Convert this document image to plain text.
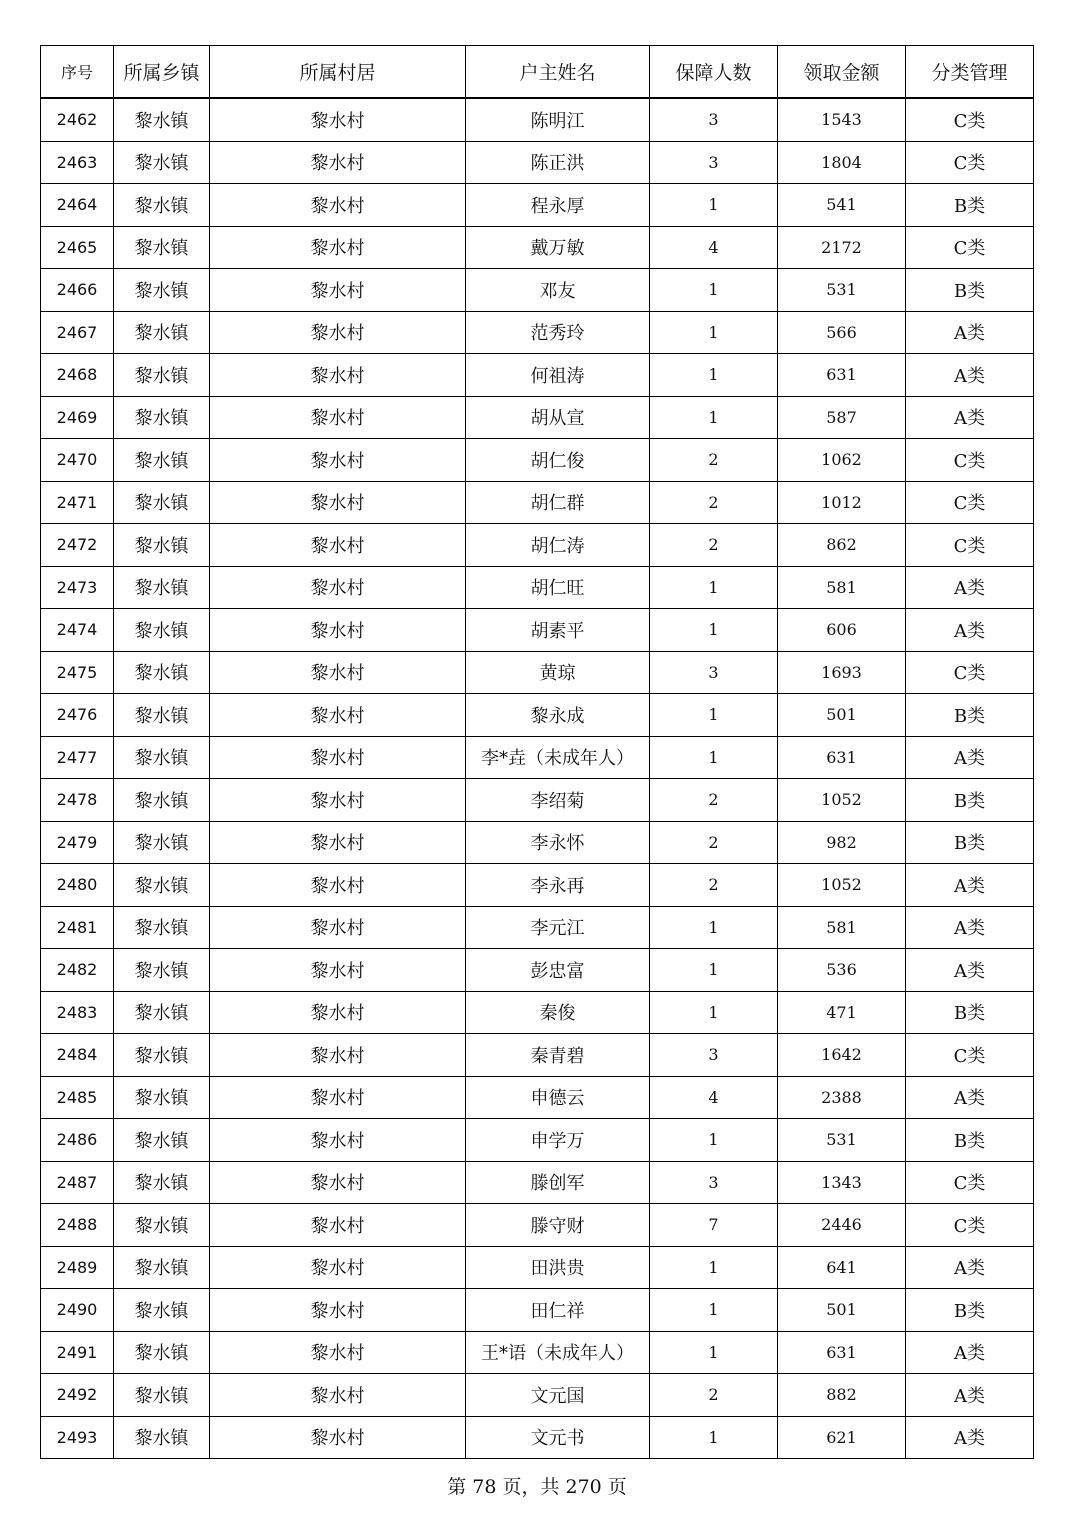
序号	所属乡镇	所属村居	户主姓名	保障人数	领取金额	分类管理
2462	黎水镇	黎水村	陈明江	3	1543	C类
2463	黎水镇	黎水村	陈正洪	3	1804	C类
2464	黎水镇	黎水村	程永厚	1	541	B类
2465	黎水镇	黎水村	戴万敏	4	2172	C类
2466	黎水镇	黎水村	邓友	1	531	B类
2467	黎水镇	黎水村	范秀玲	1	566	A类
2468	黎水镇	黎水村	何祖涛	1	631	A类
2469	黎水镇	黎水村	胡从宣	1	587	A类
2470	黎水镇	黎水村	胡仁俊	2	1062	C类
2471	黎水镇	黎水村	胡仁群	2	1012	C类
2472	黎水镇	黎水村	胡仁涛	2	862	C类
2473	黎水镇	黎水村	胡仁旺	1	581	A类
2474	黎水镇	黎水村	胡素平	1	606	A类
2475	黎水镇	黎水村	黄琼	3	1693	C类
2476	黎水镇	黎水村	黎永成	1	501	B类
2477	黎水镇	黎水村	李*垚（未成年人）	1	631	A类
2478	黎水镇	黎水村	李绍菊	2	1052	B类
2479	黎水镇	黎水村	李永怀	2	982	B类
2480	黎水镇	黎水村	李永再	2	1052	A类
2481	黎水镇	黎水村	李元江	1	581	A类
2482	黎水镇	黎水村	彭忠富	1	536	A类
2483	黎水镇	黎水村	秦俊	1	471	B类
2484	黎水镇	黎水村	秦青碧	3	1642	C类
2485	黎水镇	黎水村	申德云	4	2388	A类
2486	黎水镇	黎水村	申学万	1	531	B类
2487	黎水镇	黎水村	滕创军	3	1343	C类
2488	黎水镇	黎水村	滕守财	7	2446	C类
2489	黎水镇	黎水村	田洪贵	1	641	A类
2490	黎水镇	黎水村	田仁祥	1	501	B类
2491	黎水镇	黎水村	王*语（未成年人）	1	631	A类
2492	黎水镇	黎水村	文元国	2	882	A类
2493	黎水镇	黎水村	文元书	1	621	A类
第 78 页，共 270 页
